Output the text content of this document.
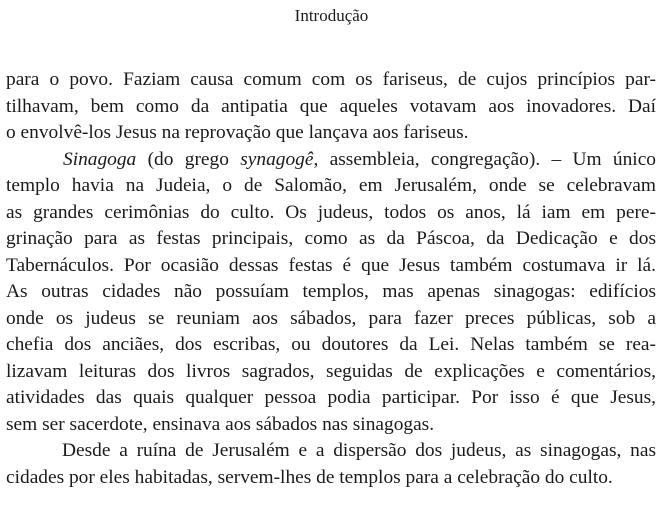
Introdução
para o povo. Faziam causa comum com os fariseus, de cujos princípios par-
tilhavam, bem como da antipatia que aqueles votavam aos inovadores. Daí
o envolvê-los Jesus na reprovação que lançava aos fariseus.
Sinagoga (do grego synagogê, assembleia, congregação). – Um único
templo havia na Judeia, o de Salomão, em Jerusalém, onde se celebravam
as grandes cerimônias do culto. Os judeus, todos os anos, lá iam em pere-
grinação para as festas principais, como as da Páscoa, da Dedicação e dos
Tabernáculos. Por ocasião dessas festas é que Jesus também costumava ir lá.
As outras cidades não possuíam templos, mas apenas sinagogas: edifícios
onde os judeus se reuniam aos sábados, para fazer preces públicas, sob a
chefia dos anciães, dos escribas, ou doutores da Lei. Nelas também se rea-
lizavam leituras dos livros sagrados, seguidas de explicações e comentários,
atividades das quais qualquer pessoa podia participar. Por isso é que Jesus,
sem ser sacerdote, ensinava aos sábados nas sinagogas.
Desde a ruína de Jerusalém e a dispersão dos judeus, as sinagogas, nas
cidades por eles habitadas, servem-lhes de templos para a celebração do culto.
